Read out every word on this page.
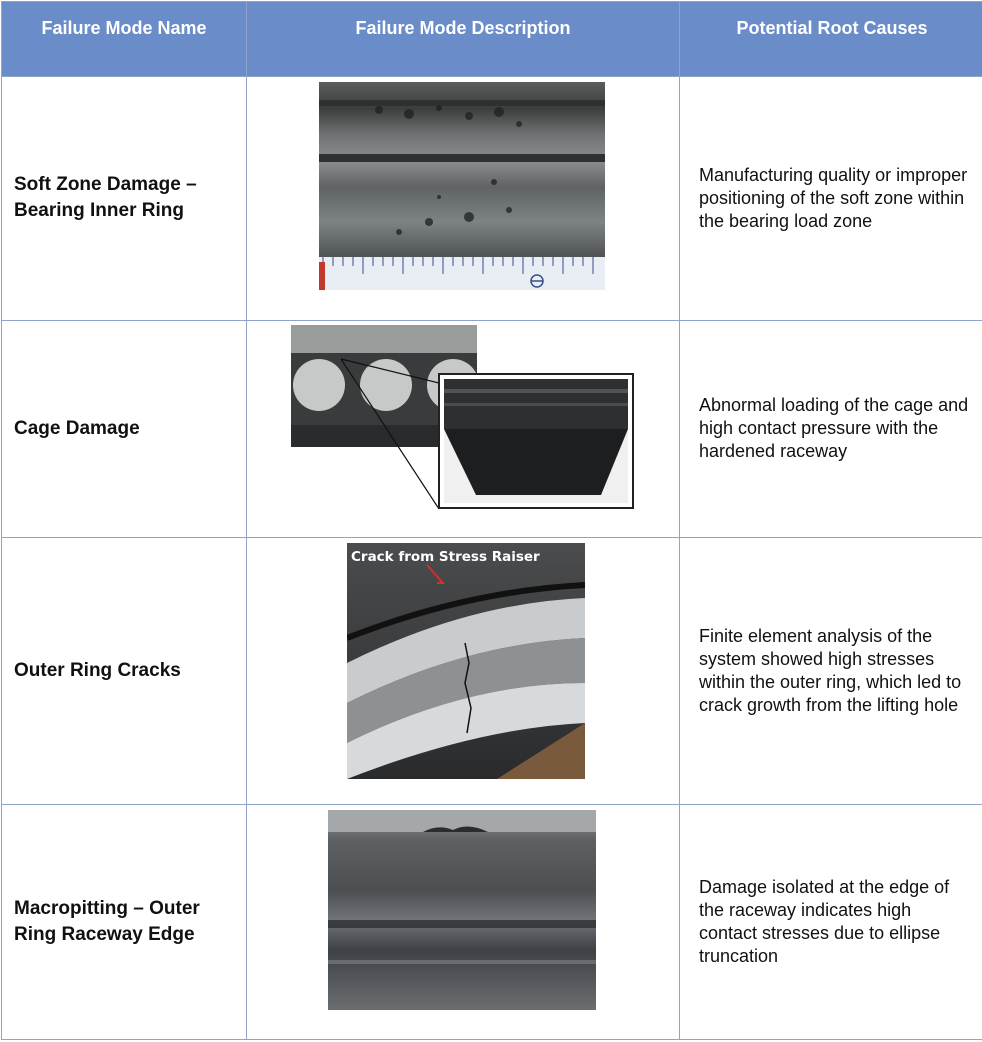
Failure Mode Name	Failure Mode Description	Potential Root Causes

Soft Zone Damage – Bearing Inner Ring		Manufacturing quality or improper positioning of the soft zone within the bearing load zone
Cage Damage		Abnormal loading of the cage and high contact pressure with the hardened raceway
Outer Ring Cracks	Crack from Stress Raiser	Finite element analysis of the system showed high stresses within the outer ring, which led to crack growth from the lifting hole

Macropitting – Outer Ring Raceway Edge		Damage isolated at the edge of the raceway indicates high contact stresses due to ellipse truncation
